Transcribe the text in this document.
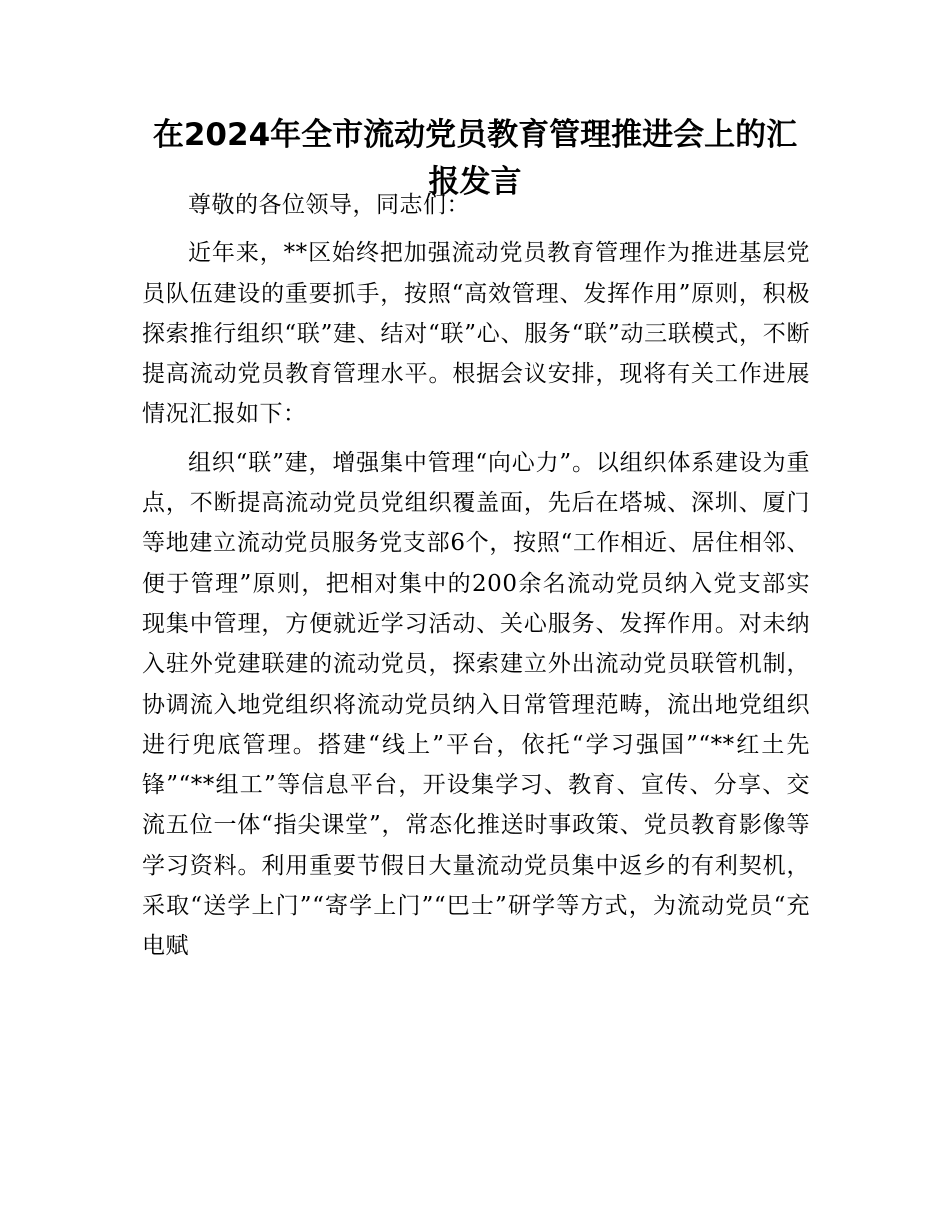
在2024年全市流动党员教育管理推进会上的汇报发言

尊敬的各位领导，同志们：

近年来，**区始终把加强流动党员教育管理作为推进基层党员队伍建设的重要抓手，按照“高效管理、发挥作用”原则，积极探索推行组织“联”建、结对“联”心、服务“联”动三联模式，不断提高流动党员教育管理水平。根据会议安排，现将有关工作进展情况汇报如下：

组织“联”建，增强集中管理“向心力”。以组织体系建设为重点，不断提高流动党员党组织覆盖面，先后在塔城、深圳、厦门等地建立流动党员服务党支部6个，按照“工作相近、居住相邻、便于管理”原则，把相对集中的200余名流动党员纳入党支部实现集中管理，方便就近学习活动、关心服务、发挥作用。对未纳入驻外党建联建的流动党员，探索建立外出流动党员联管机制，协调流入地党组织将流动党员纳入日常管理范畴，流出地党组织进行兜底管理。搭建“线上”平台，依托“学习强国”“**红土先锋”“**组工”等信息平台，开设集学习、教育、宣传、分享、交流五位一体“指尖课堂”，常态化推送时事政策、党员教育影像等学习资料。利用重要节假日大量流动党员集中返乡的有利契机，采取“送学上门”“寄学上门”“巴士”研学等方式，为流动党员“充电赋
